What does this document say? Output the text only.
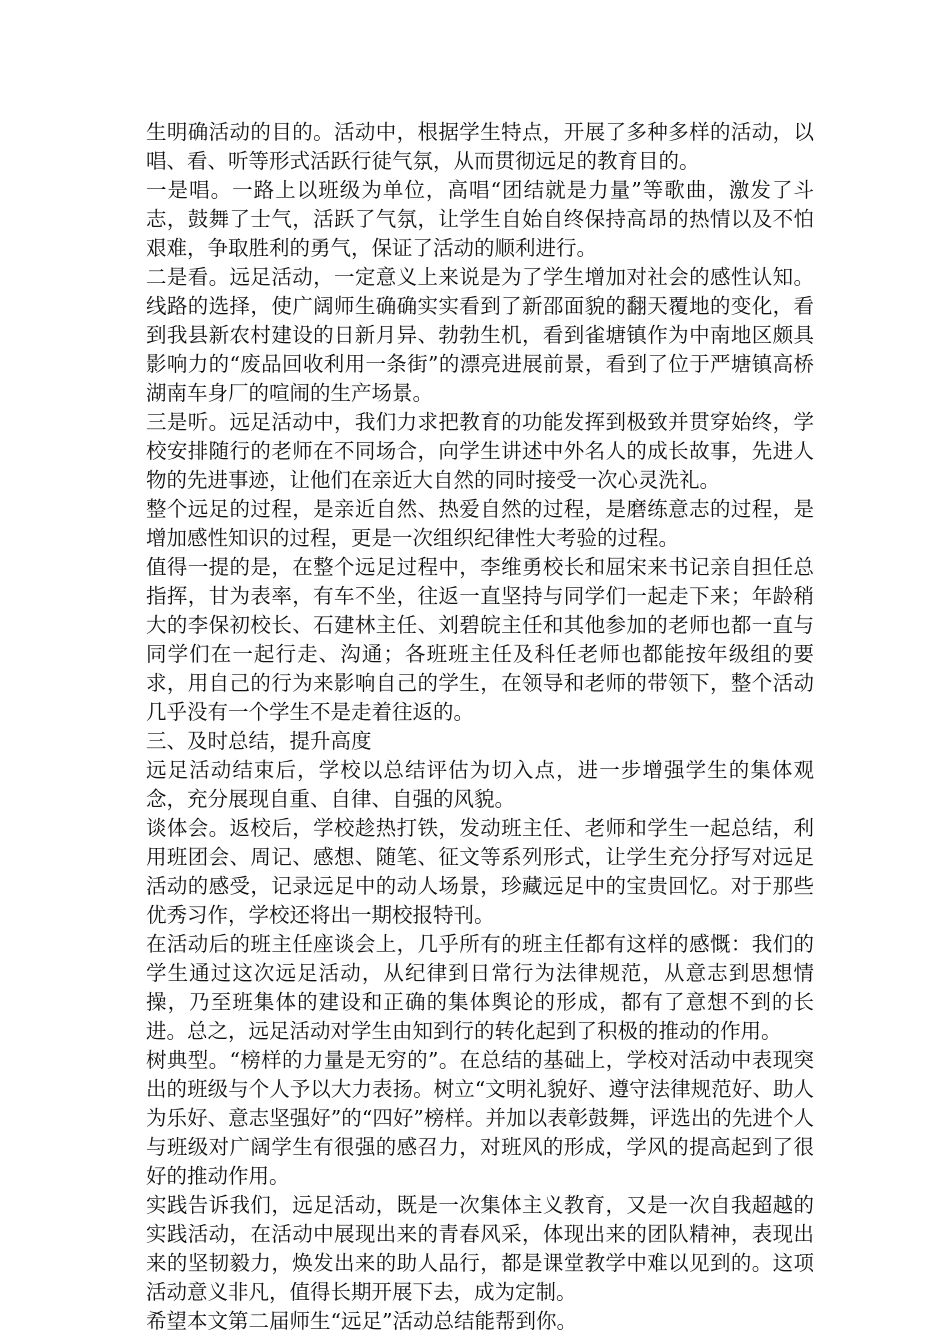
生明确活动的目的。活动中，根据学生特点，开展了多种多样的活动，以唱、看、听等形式活跃行徒气氛，从而贯彻远足的教育目的。

一是唱。一路上以班级为单位，高唱“团结就是力量”等歌曲，激发了斗志，鼓舞了士气，活跃了气氛，让学生自始自终保持高昂的热情以及不怕艰难，争取胜利的勇气，保证了活动的顺利进行。

二是看。远足活动，一定意义上来说是为了学生增加对社会的感性认知。线路的选择，使广阔师生确确实实看到了新邵面貌的翻天覆地的变化，看到我县新农村建设的日新月异、勃勃生机，看到雀塘镇作为中南地区颇具影响力的“废品回收利用一条街”的漂亮进展前景，看到了位于严塘镇高桥湖南车身厂的喧闹的生产场景。

三是听。远足活动中，我们力求把教育的功能发挥到极致并贯穿始终，学校安排随行的老师在不同场合，向学生讲述中外名人的成长故事，先进人物的先进事迹，让他们在亲近大自然的同时接受一次心灵洗礼。

整个远足的过程，是亲近自然、热爱自然的过程，是磨练意志的过程，是增加感性知识的过程，更是一次组织纪律性大考验的过程。

值得一提的是，在整个远足过程中，李维勇校长和屈宋来书记亲自担任总指挥，甘为表率，有车不坐，往返一直坚持与同学们一起走下来；年龄稍大的李保初校长、石建林主任、刘碧皖主任和其他参加的老师也都一直与同学们在一起行走、沟通；各班班主任及科任老师也都能按年级组的要求，用自己的行为来影响自己的学生，在领导和老师的带领下，整个活动几乎没有一个学生不是走着往返的。

三、及时总结，提升高度

远足活动结束后，学校以总结评估为切入点，进一步增强学生的集体观念，充分展现自重、自律、自强的风貌。

谈体会。返校后，学校趁热打铁，发动班主任、老师和学生一起总结，利用班团会、周记、感想、随笔、征文等系列形式，让学生充分抒写对远足活动的感受，记录远足中的动人场景，珍藏远足中的宝贵回忆。对于那些优秀习作，学校还将出一期校报特刊。

在活动后的班主任座谈会上，几乎所有的班主任都有这样的感慨：我们的学生通过这次远足活动，从纪律到日常行为法律规范，从意志到思想情操，乃至班集体的建设和正确的集体舆论的形成，都有了意想不到的长进。总之，远足活动对学生由知到行的转化起到了积极的推动的作用。

树典型。“榜样的力量是无穷的”。在总结的基础上，学校对活动中表现突出的班级与个人予以大力表扬。树立“文明礼貌好、遵守法律规范好、助人为乐好、意志坚强好”的“四好”榜样。并加以表彰鼓舞，评选出的先进个人与班级对广阔学生有很强的感召力，对班风的形成，学风的提高起到了很好的推动作用。

实践告诉我们，远足活动，既是一次集体主义教育，又是一次自我超越的实践活动，在活动中展现出来的青春风采，体现出来的团队精神，表现出来的坚韧毅力，焕发出来的助人品行，都是课堂教学中难以见到的。这项活动意义非凡，值得长期开展下去，成为定制。

希望本文第二届师生“远足”活动总结能帮到你。
